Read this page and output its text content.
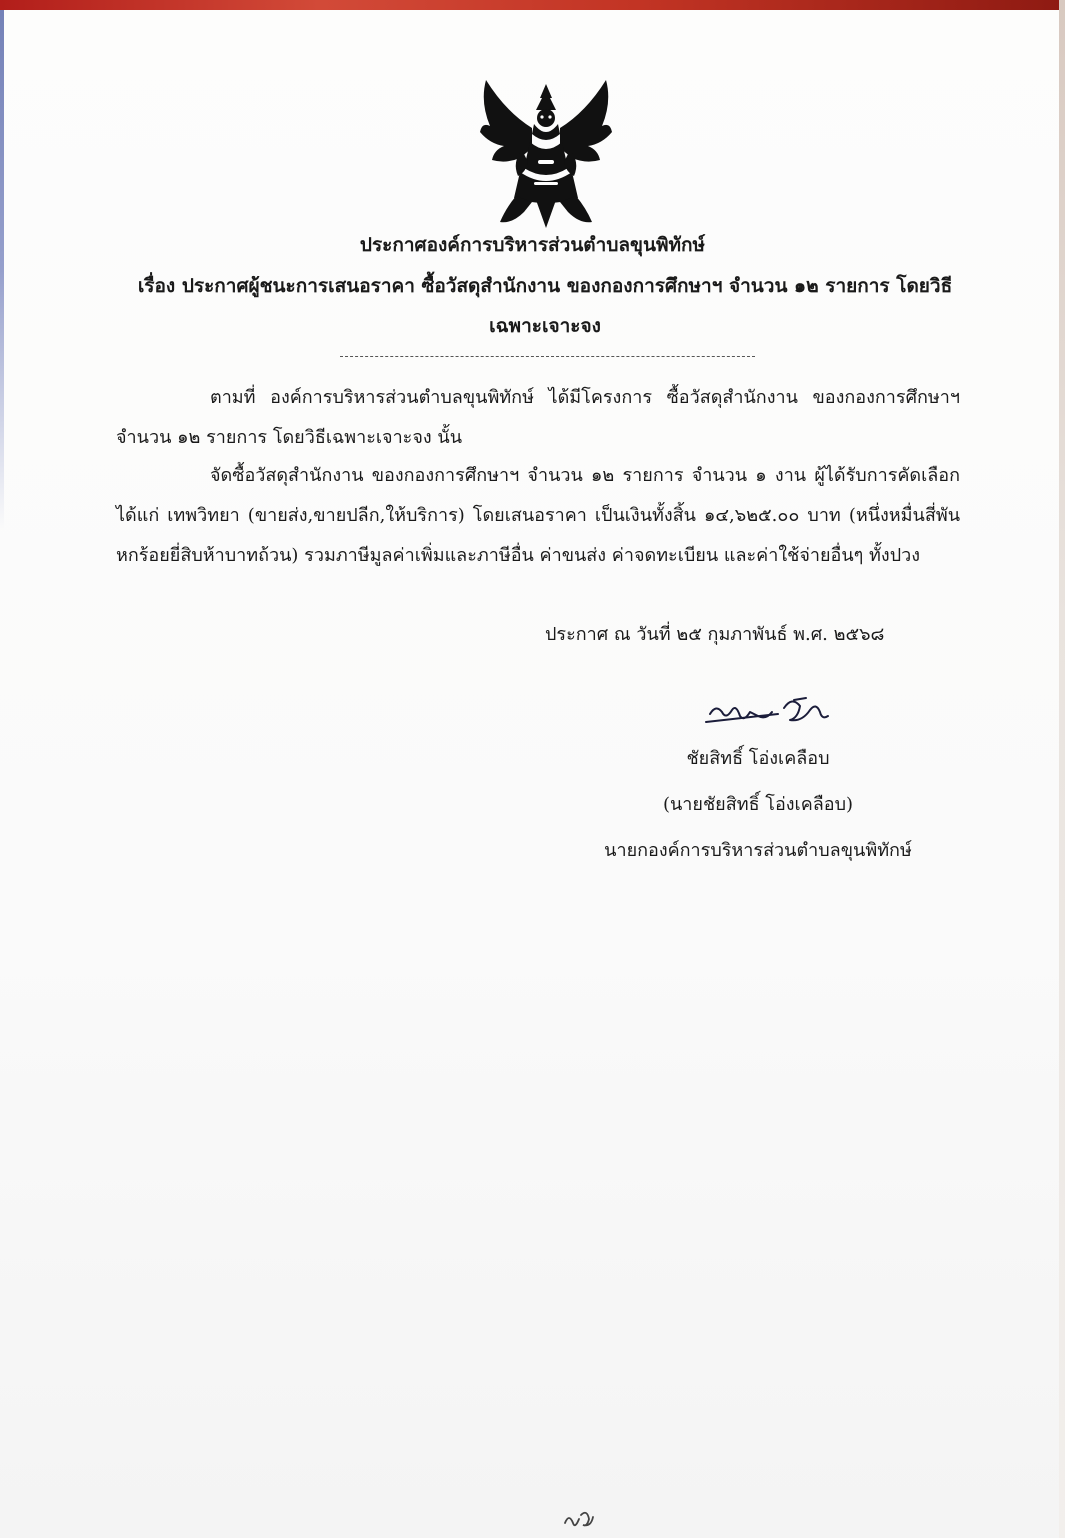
ประกาศองค์การบริหารส่วนตำบลขุนพิทักษ์
เรื่อง ประกาศผู้ชนะการเสนอราคา ซื้อวัสดุสำนักงาน ของกองการศึกษาฯ จำนวน ๑๒ รายการ โดยวิธีเฉพาะเจาะจง
ตามที่ องค์การบริหารส่วนตำบลขุนพิทักษ์ ได้มีโครงการ ซื้อวัสดุสำนักงาน ของกองการศึกษาฯ จำนวน ๑๒ รายการ โดยวิธีเฉพาะเจาะจง นั้น
จัดซื้อวัสดุสำนักงาน ของกองการศึกษาฯ จำนวน ๑๒ รายการ จำนวน ๑ งาน ผู้ได้รับการคัดเลือก ได้แก่ เทพวิทยา (ขายส่ง,ขายปลีก,ให้บริการ) โดยเสนอราคา เป็นเงินทั้งสิ้น ๑๔,๖๒๕.๐๐ บาท (หนึ่งหมื่นสี่พันหกร้อยยี่สิบห้าบาทถ้วน) รวมภาษีมูลค่าเพิ่มและภาษีอื่น ค่าขนส่ง ค่าจดทะเบียน และค่าใช้จ่ายอื่นๆ ทั้งปวง
ประกาศ ณ วันที่ ๒๕ กุมภาพันธ์ พ.ศ. ๒๕๖๘
ชัยสิทธิ์ โอ่งเคลือบ
(นายชัยสิทธิ์ โอ่งเคลือบ)
นายกองค์การบริหารส่วนตำบลขุนพิทักษ์
